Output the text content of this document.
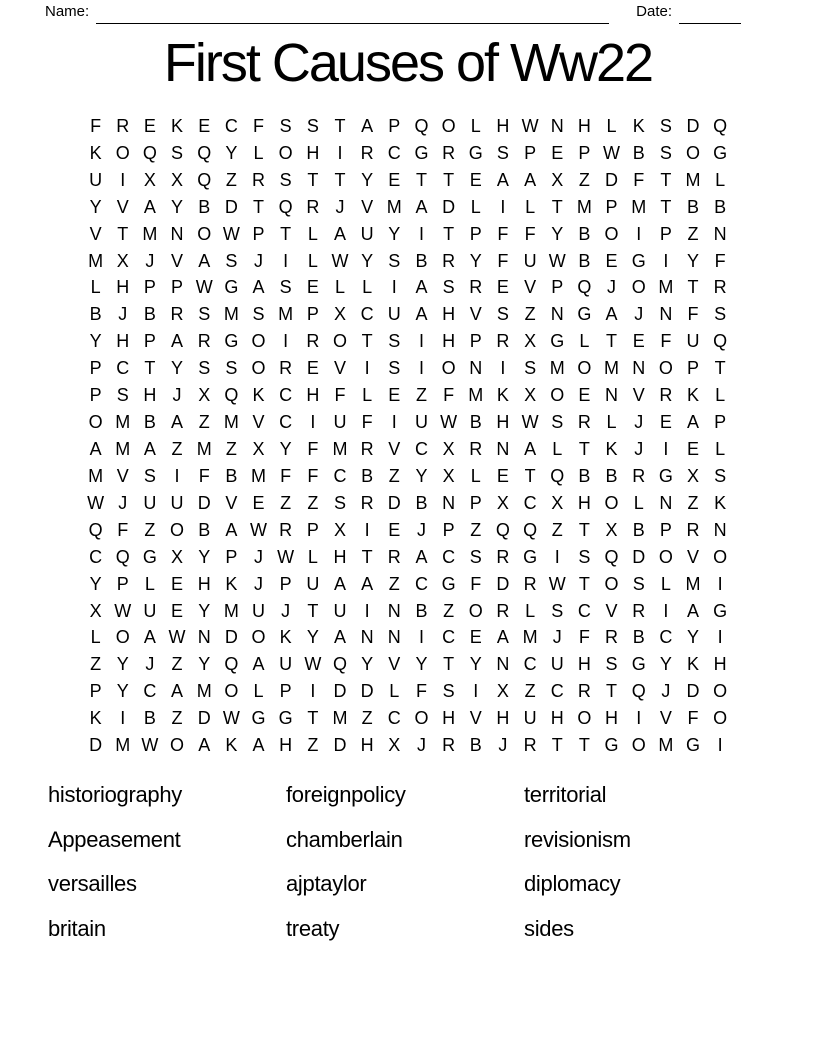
Name:	Date:
First Causes of Ww22
F R E K E C F S S T A P Q O L H W N H L K S D Q
K O Q S Q Y L O H	I	R C G R G S P E P W B S O G
U	I	X X Q Z R S T T Y E T T E A A X Z D F T M L
Y V A Y B D T Q R J V M A D L	I	L T M P M T B B
V T M N O W P T L A U Y	I	T P F F Y B O I	P Z N
M X J V A S J	I	L W Y S B R Y F U W B E G I	Y F
L H P P W G A S E L L	I	A S R E V P Q J O M T R
B J B R S M S M P X C U A H V S Z N G A J N F S
Y H P A R G O I	R O T S	I	H P R X G L T E F U Q
P C T Y S S O R E V	I	S	I O N	I	S M O M N O P T
P S H J X Q K C H F L E Z F M K X O E N V R K L
O M B A Z M V C	I	U F	I	U W B H W S R L J E A P
A M A Z M Z X Y F M R V C X R N A L T K J	I	E L
M V S	I	F B M F F C B Z Y X L E T Q B B R G X S
W J U U D V E Z Z S R D B N P X C X H O L N Z K
Q F Z O B A W R P X	I	E J P Z Q Q Z T X B P R N
C Q G X Y P J W L H T R A C S R G I	S Q D O V O
Y P L E H K J P U A A Z C G F D R W T O S L M I
X W U E Y M U J T U	I	N B Z O R L S C V R	I	A G
L O A W N D O K Y A N N	I	C E A M J F R B C Y	I
Z Y J Z Y Q A U W Q Y V Y T Y N C U H S G Y K H
P Y C A M O L P	I	D D L F S	I	X Z C R T Q J D O
K	I	B Z D W G G T M Z C O H V H U H O H	I	V F O
D M W O A K A H Z D H X J R B J R T T G O M G I
historiography
Appeasement
versailles
britain
foreignpolicy
chamberlain
ajptaylor
treaty
territorial
revisionism
diplomacy
sides
